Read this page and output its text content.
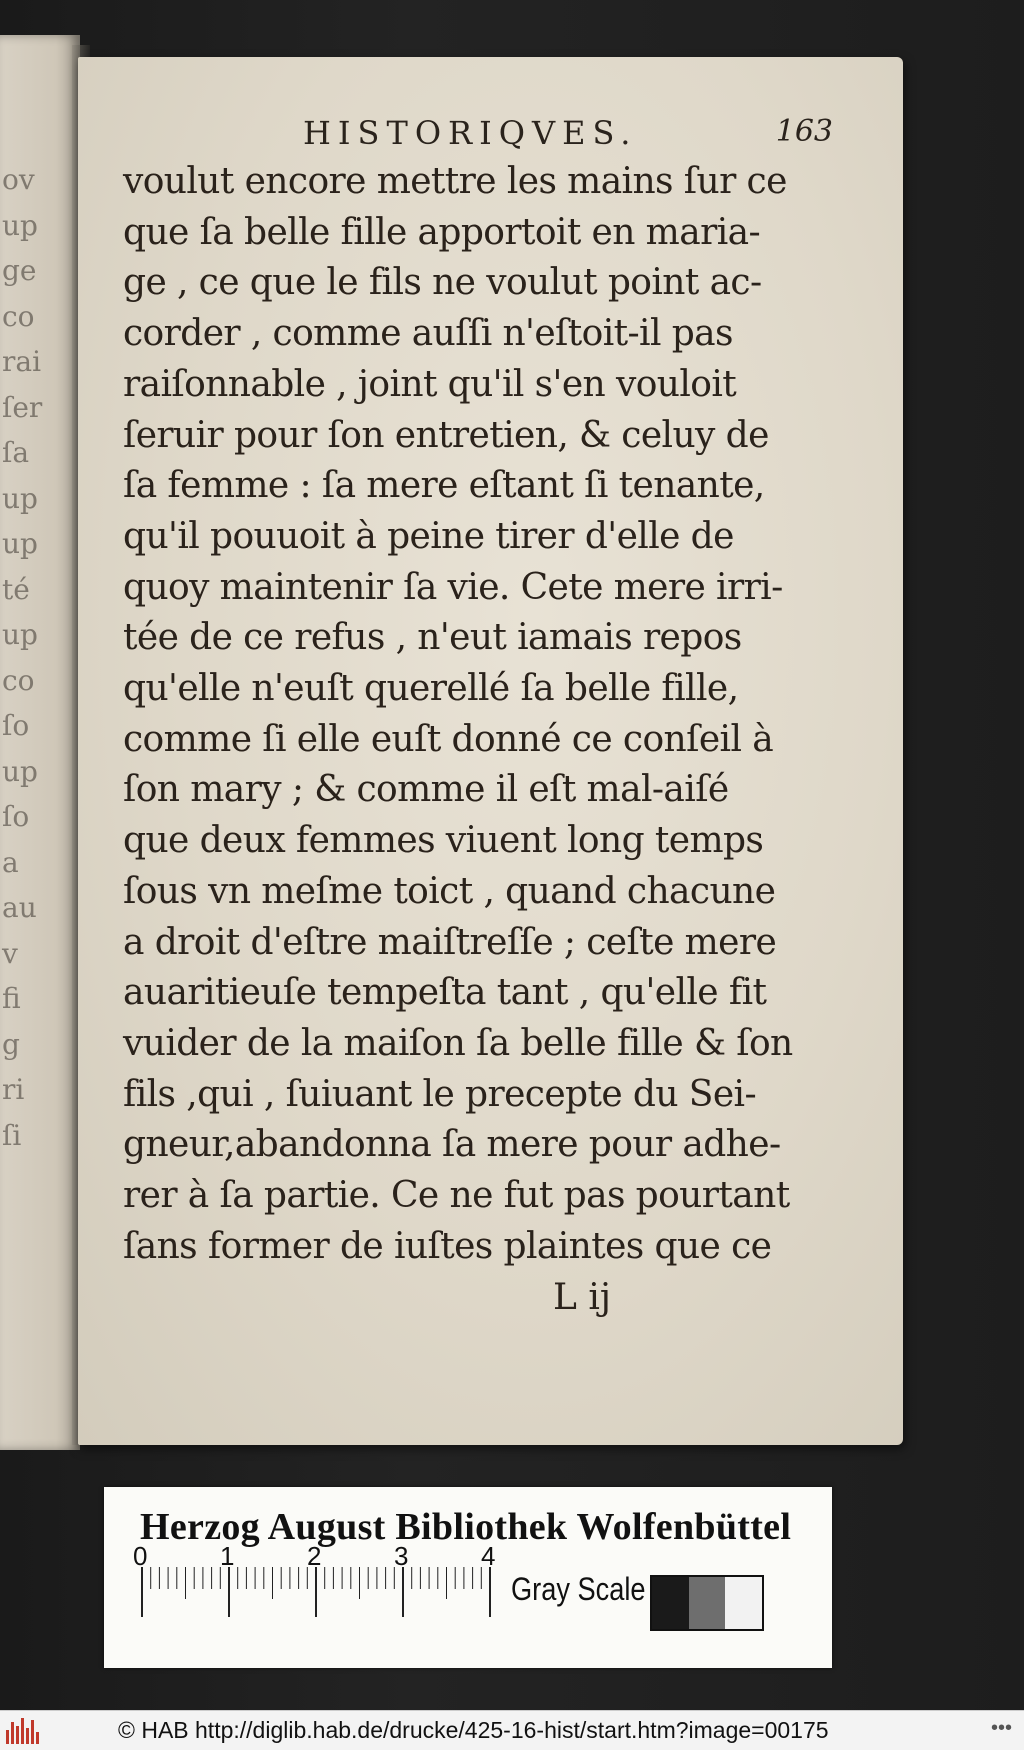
ov
up
ge
co
rai
ſer
ſa
up
up
té
up
co
ſo
up
ſo
a
au
v
fi
g
ri
ſi
HISTORIQVES.	163
voulut encore mettre les mains ſur ce
que ſa belle fille apportoit en maria-
ge , ce que le fils ne voulut point ac-
corder , comme auſſi n'eſtoit-il pas
raiſonnable , joint qu'il s'en vouloit
ſeruir pour ſon entretien, & celuy de
ſa femme : ſa mere eſtant ſi tenante,
qu'il pouuoit à peine tirer d'elle de
quoy maintenir ſa vie. Cete mere irri-
tée de ce refus , n'eut iamais repos
qu'elle n'euſt querellé ſa belle fille,
comme ſi elle euſt donné ce conſeil à
ſon mary ; & comme il eſt mal-aiſé
que deux femmes viuent long temps
ſous vn meſme toict , quand chacune
a droit d'eſtre maiſtreſſe ; ceſte mere
auaritieuſe tempeſta tant , qu'elle fit
vuider de la maiſon ſa belle fille & ſon
fils ,qui , ſuiuant le precepte du Sei-
gneur,abandonna ſa mere pour adhe-
rer à ſa partie. Ce ne fut pas pourtant
ſans former de iuſtes plaintes que ce
L ij
Herzog August Bibliothek Wolfenbüttel
0	1	2	3	4
Gray Scale
© HAB http://diglib.hab.de/drucke/425-16-hist/start.htm?image=00175	•••
